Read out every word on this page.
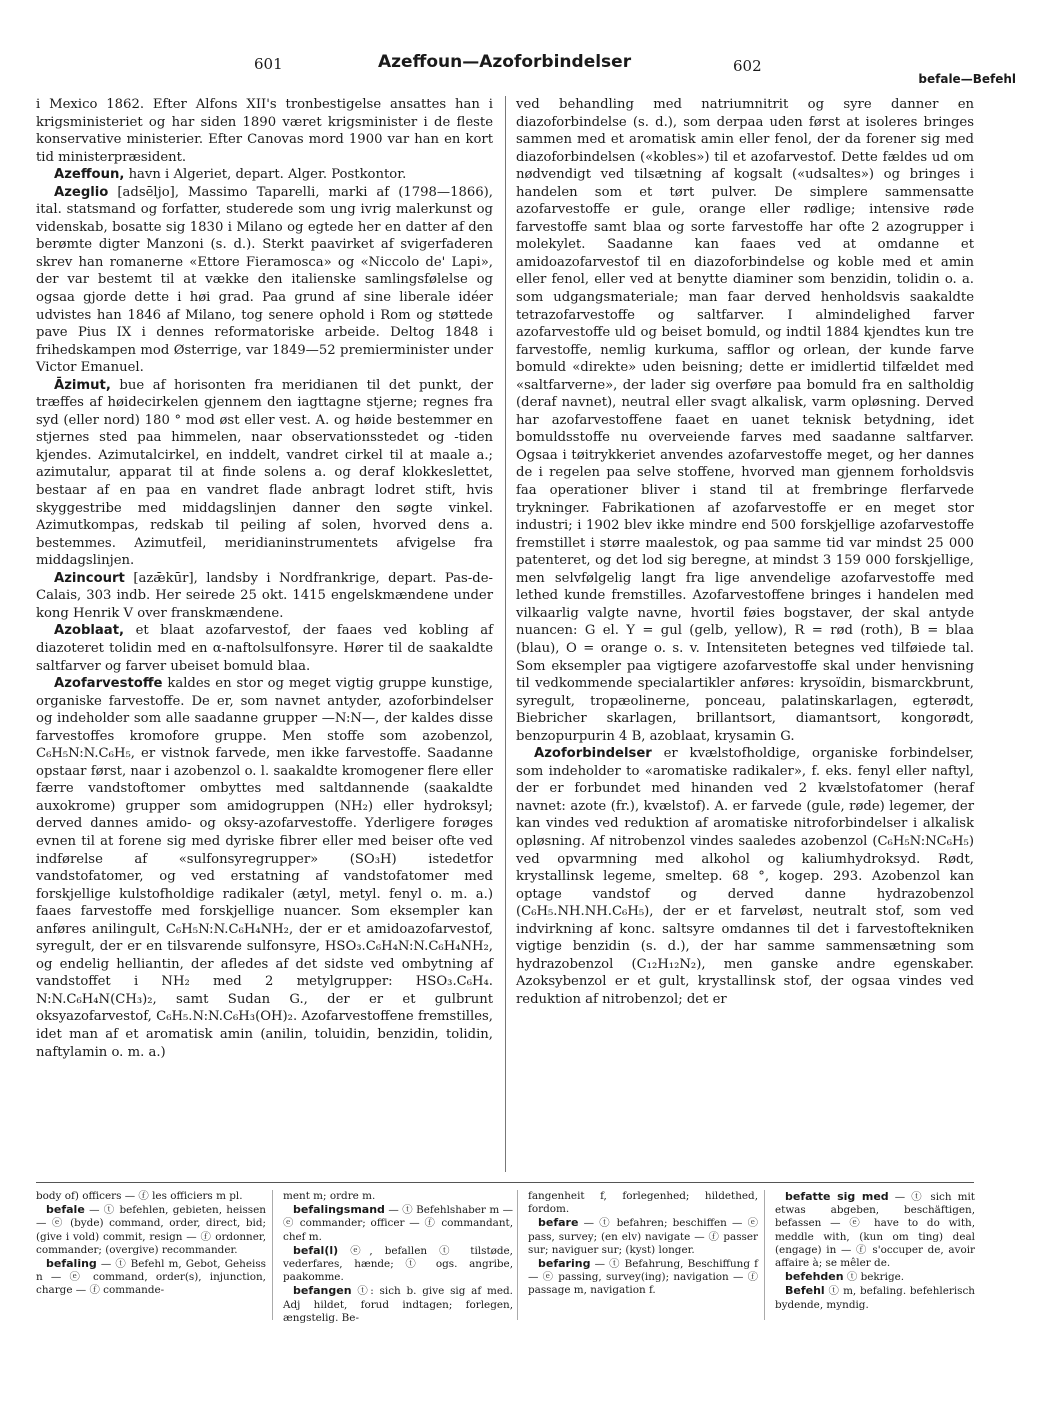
601	Azeffoun—Azoforbindelser	602
befale—Befehl

i Mexico 1862. Efter Alfons XII's tronbestigelse ansattes han i krigsministeriet og har siden 1890 været krigsminister i de fleste konservative ministerier. Efter Canovas mord 1900 var han en kort tid ministerpræsident.

Azeffoun, havn i Algeriet, depart. Alger. Postkontor.

Azeglio [adsēljo], Massimo Taparelli, marki af (1798—1866), ital. statsmand og forfatter, studerede som ung ivrig malerkunst og videnskab, bosatte sig 1830 i Milano og egtede her en datter af den berømte digter Manzoni (s. d.). Sterkt paavirket af svigerfaderen skrev han romanerne «Ettore Fieramosca» og «Niccolo de' Lapi», der var bestemt til at vække den italienske samlingsfølelse og ogsaa gjorde dette i høi grad. Paa grund af sine liberale idéer udvistes han 1846 af Milano, tog senere ophold i Rom og støttede pave Pius IX i dennes reformatoriske arbeide. Deltog 1848 i frihedskampen mod Østerrige, var 1849—52 premierminister under Victor Emanuel.

Āzimut, bue af horisonten fra meridianen til det punkt, der træffes af høidecirkelen gjennem den iagttagne stjerne; regnes fra syd (eller nord) 180 ° mod øst eller vest. A. og høide bestemmer en stjernes sted paa himmelen, naar observationsstedet og -tiden kjendes. Azimutalcirkel, en inddelt, vandret cirkel til at maale a.; azimutalur, apparat til at finde solens a. og deraf klokkeslettet, bestaar af en paa en vandret flade anbragt lodret stift, hvis skyggestribe med middagslinjen danner den søgte vinkel. Azimutkompas, redskab til peiling af solen, hvorved dens a. bestemmes. Azimutfeil, meridianinstrumentets afvigelse fra middagslinjen.

Azincourt [azǣkūr], landsby i Nordfrankrige, depart. Pas-de-Calais, 303 indb. Her seirede 25 okt. 1415 engelskmændene under kong Henrik V over franskmændene.

Azoblaat, et blaat azofarvestof, der faaes ved kobling af diazoteret tolidin med en α-naftolsulfonsyre. Hører til de saakaldte saltfarver og farver ubeiset bomuld blaa.

Azofarvestoffe kaldes en stor og meget vigtig gruppe kunstige, organiske farvestoffe. De er, som navnet antyder, azoforbindelser og indeholder som alle saadanne grupper —N:N—, der kaldes disse farvestoffes kromofore gruppe. Men stoffe som azobenzol, C₆H₅N:N.C₆H₅, er vistnok farvede, men ikke farvestoffe. Saadanne opstaar først, naar i azobenzol o. l. saakaldte kromogener flere eller færre vandstoftomer ombyttes med saltdannende (saakaldte auxokrome) grupper som amidogruppen (NH₂) eller hydroksyl; derved dannes amido- og oksy-azofarvestoffe. Yderligere forøges evnen til at forene sig med dyriske fibrer eller med beiser ofte ved indførelse af «sulfonsyregrupper» (SO₃H) istedetfor vandstofatomer, og ved erstatning af vandstofatomer med forskjellige kulstofholdige radikaler (ætyl, metyl. fenyl o. m. a.) faaes farvestoffe med forskjellige nuancer. Som eksempler kan anføres anilingult, C₆H₅N:N.C₆H₄NH₂, der er et amidoazofarvestof, syregult, der er en tilsvarende sulfonsyre, HSO₃.C₆H₄N:N.C₆H₄NH₂, og endelig helliantin, der afledes af det sidste ved ombytning af vandstoffet i NH₂ med 2 metylgrupper: HSO₃.C₆H₄. N:N.C₆H₄N(CH₃)₂, samt Sudan G., der er et gulbrunt oksyazofarvestof, C₆H₅.N:N.C₆H₃(OH)₂. Azofarvestoffene fremstilles, idet man af et aromatisk amin (anilin, toluidin, benzidin, tolidin, naftylamin o. m. a.)

ved behandling med natriumnitrit og syre danner en diazoforbindelse (s. d.), som derpaa uden først at isoleres bringes sammen med et aromatisk amin eller fenol, der da forener sig med diazoforbindelsen («kobles») til et azofarvestof. Dette fældes ud om nødvendigt ved tilsætning af kogsalt («udsaltes») og bringes i handelen som et tørt pulver. De simplere sammensatte azofarvestoffe er gule, orange eller rødlige; intensive røde farvestoffe samt blaa og sorte farvestoffe har ofte 2 azogrupper i molekylet. Saadanne kan faaes ved at omdanne et amidoazofarvestof til en diazoforbindelse og koble med et amin eller fenol, eller ved at benytte diaminer som benzidin, tolidin o. a. som udgangsmateriale; man faar derved henholdsvis saakaldte tetrazofarvestoffe og saltfarver. I almindelighed farver azofarvestoffe uld og beiset bomuld, og indtil 1884 kjendtes kun tre farvestoffe, nemlig kurkuma, safflor og orlean, der kunde farve bomuld «direkte» uden beisning; dette er imidlertid tilfældet med «saltfarverne», der lader sig overføre paa bomuld fra en saltholdig (deraf navnet), neutral eller svagt alkalisk, varm opløsning. Derved har azofarvestoffene faaet en uanet teknisk betydning, idet bomuldsstoffe nu overveiende farves med saadanne saltfarver. Ogsaa i tøitrykkeriet anvendes azofarvestoffe meget, og her dannes de i regelen paa selve stoffene, hvorved man gjennem forholdsvis faa operationer bliver i stand til at frembringe flerfarvede trykninger. Fabrikationen af azofarvestoffe er en meget stor industri; i 1902 blev ikke mindre end 500 forskjellige azofarvestoffe fremstillet i større maalestok, og paa samme tid var mindst 25 000 patenteret, og det lod sig beregne, at mindst 3 159 000 forskjellige, men selvfølgelig langt fra lige anvendelige azofarvestoffe med lethed kunde fremstilles. Azofarvestoffene bringes i handelen med vilkaarlig valgte navne, hvortil føies bogstaver, der skal antyde nuancen: G el. Y = gul (gelb, yellow), R = rød (roth), B = blaa (blau), O = orange o. s. v. Intensiteten betegnes ved tilføiede tal. Som eksempler paa vigtigere azofarvestoffe skal under henvisning til vedkommende specialartikler anføres: krysoïdin, bismarckbrunt, syregult, tropæolinerne, ponceau, palatinskarlagen, egterødt, Biebricher skarlagen, brillantsort, diamantsort, kongorødt, benzopurpurin 4 B, azoblaat, krysamin G.

Azoforbindelser er kvælstofholdige, organiske forbindelser, som indeholder to «aromatiske radikaler», f. eks. fenyl eller naftyl, der er forbundet med hinanden ved 2 kvælstofatomer (heraf navnet: azote (fr.), kvælstof). A. er farvede (gule, røde) legemer, der kan vindes ved reduktion af aromatiske nitroforbindelser i alkalisk opløsning. Af nitrobenzol vindes saaledes azobenzol (C₆H₅N:NC₆H₅) ved opvarmning med alkohol og kaliumhydroksyd. Rødt, krystallinsk legeme, smeltep. 68 °, kogep. 293. Azobenzol kan optage vandstof og derved danne hydrazobenzol (C₆H₅.NH.NH.C₆H₅), der er et farveløst, neutralt stof, som ved indvirkning af konc. saltsyre omdannes til det i farvestoftekniken vigtige benzidin (s. d.), der har samme sammensætning som hydrazobenzol (C₁₂H₁₂N₂), men ganske andre egenskaber. Azoksybenzol er et gult, krystallinsk stof, der ogsaa vindes ved reduktion af nitrobenzol; det er

body of) officers — ⓕ les officiers m pl.

befale — ⓣ befehlen, gebieten, heissen — ⓔ (byde) command, order, direct, bid; (give i vold) commit, resign — ⓕ ordonner, commander; (overgive) recommander.

befaling — ⓣ Befehl m, Gebot, Geheiss n — ⓔ command, order(s), injunction, charge — ⓕ commande-

ment m; ordre m.

befalingsmand — ⓣ Befehlshaber m — ⓔ commander; officer — ⓕ commandant, chef m.

befal(l) ⓔ, befallen ⓣ tilstøde, vederfares, hænde; ⓣ ogs. angribe, paakomme.

befangen ⓣ: sich b. give sig af med. Adj hildet, forud indtagen; forlegen, ængstelig. Be-

fangenheit f, forlegenhed; hildethed, fordom.

befare — ⓣ befahren; beschiffen — ⓔ pass, survey; (en elv) navigate — ⓕ passer sur; naviguer sur; (kyst) longer.

befaring — ⓣ Befahrung, Beschiffung f — ⓔ passing, survey(ing); navigation — ⓕ passage m, navigation f.

befatte sig med — ⓣ sich mit etwas abgeben, beschäftigen, befassen — ⓔ have to do with, meddle with, (kun om ting) deal (engage) in — ⓕ s'occuper de, avoir affaire à; se mêler de.

befehden ⓣ bekrige.

Befehl ⓣ m, befaling. befehlerisch bydende, myndig.
